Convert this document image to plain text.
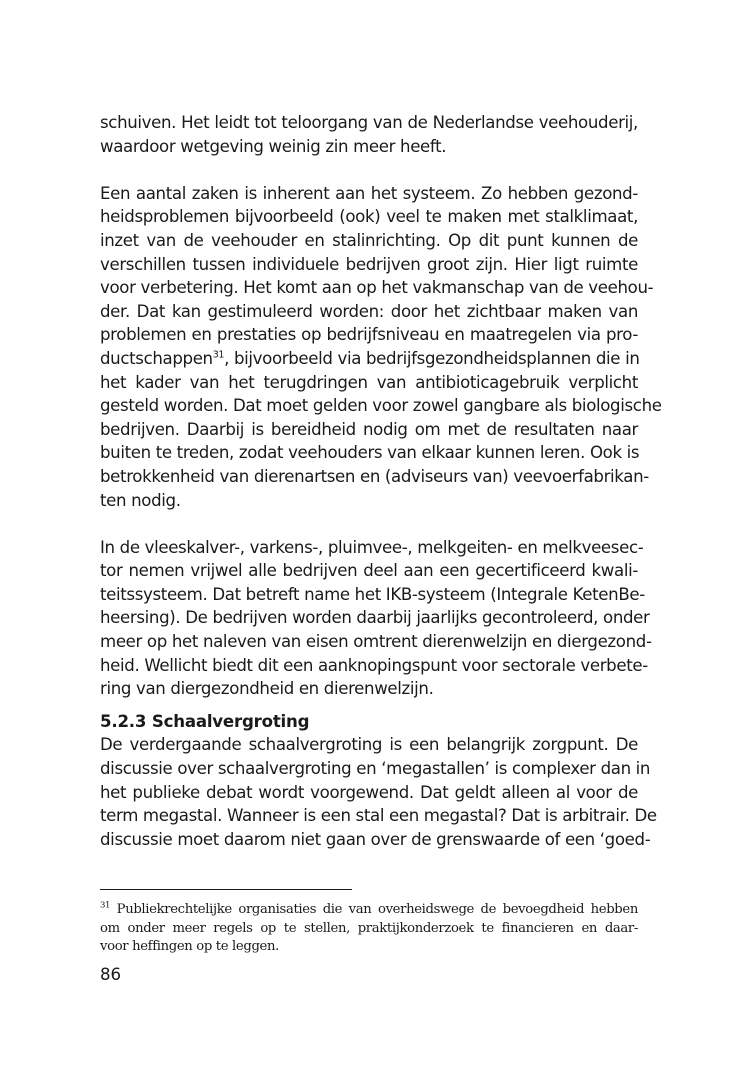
schuiven. Het leidt tot teloorgang van de Nederlandse veehouderij,
waardoor wetgeving weinig zin meer heeft.
Een aantal zaken is inherent aan het systeem. Zo hebben gezond-
heidsproblemen bijvoorbeeld (ook) veel te maken met stalklimaat,
inzet van de veehouder en stalinrichting. Op dit punt kunnen de
verschillen tussen individuele bedrijven groot zijn. Hier ligt ruimte
voor verbetering. Het komt aan op het vakmanschap van de veehou-
der. Dat kan gestimuleerd worden: door het zichtbaar maken van
problemen en prestaties op bedrijfsniveau en maatregelen via pro-
ductschappen$^{31}$, bijvoorbeeld via bedrijfsgezondheidsplannen die in
het kader van het terugdringen van antibioticagebruik verplicht
gesteld worden. Dat moet gelden voor zowel gangbare als biologische
bedrijven. Daarbij is bereidheid nodig om met de resultaten naar
buiten te treden, zodat veehouders van elkaar kunnen leren. Ook is
betrokkenheid van dierenartsen en (adviseurs van) veevoerfabrikan-
ten nodig.
In de vleeskalver-, varkens-, pluimvee-, melkgeiten- en melkveesec-
tor nemen vrijwel alle bedrijven deel aan een gecertificeerd kwali-
teitssysteem. Dat betreft name het IKB-systeem (Integrale KetenBe-
heersing). De bedrijven worden daarbij jaarlijks gecontroleerd, onder
meer op het naleven van eisen omtrent dierenwelzijn en diergezond-
heid. Wellicht biedt dit een aanknopingspunt voor sectorale verbete-
ring van diergezondheid en dierenwelzijn.
5.2.3 Schaalvergroting
De verdergaande schaalvergroting is een belangrijk zorgpunt. De
discussie over schaalvergroting en ‘megastallen’ is complexer dan in
het publieke debat wordt voorgewend. Dat geldt alleen al voor de
term megastal. Wanneer is een stal een megastal? Dat is arbitrair. De
discussie moet daarom niet gaan over de grenswaarde of een ‘goed-
$^{31}$ Publiekrechtelijke organisaties die van overheidswege de bevoegdheid hebben
om onder meer regels op te stellen, praktijkonderzoek te financieren en daar-
voor heffingen op te leggen.
86
